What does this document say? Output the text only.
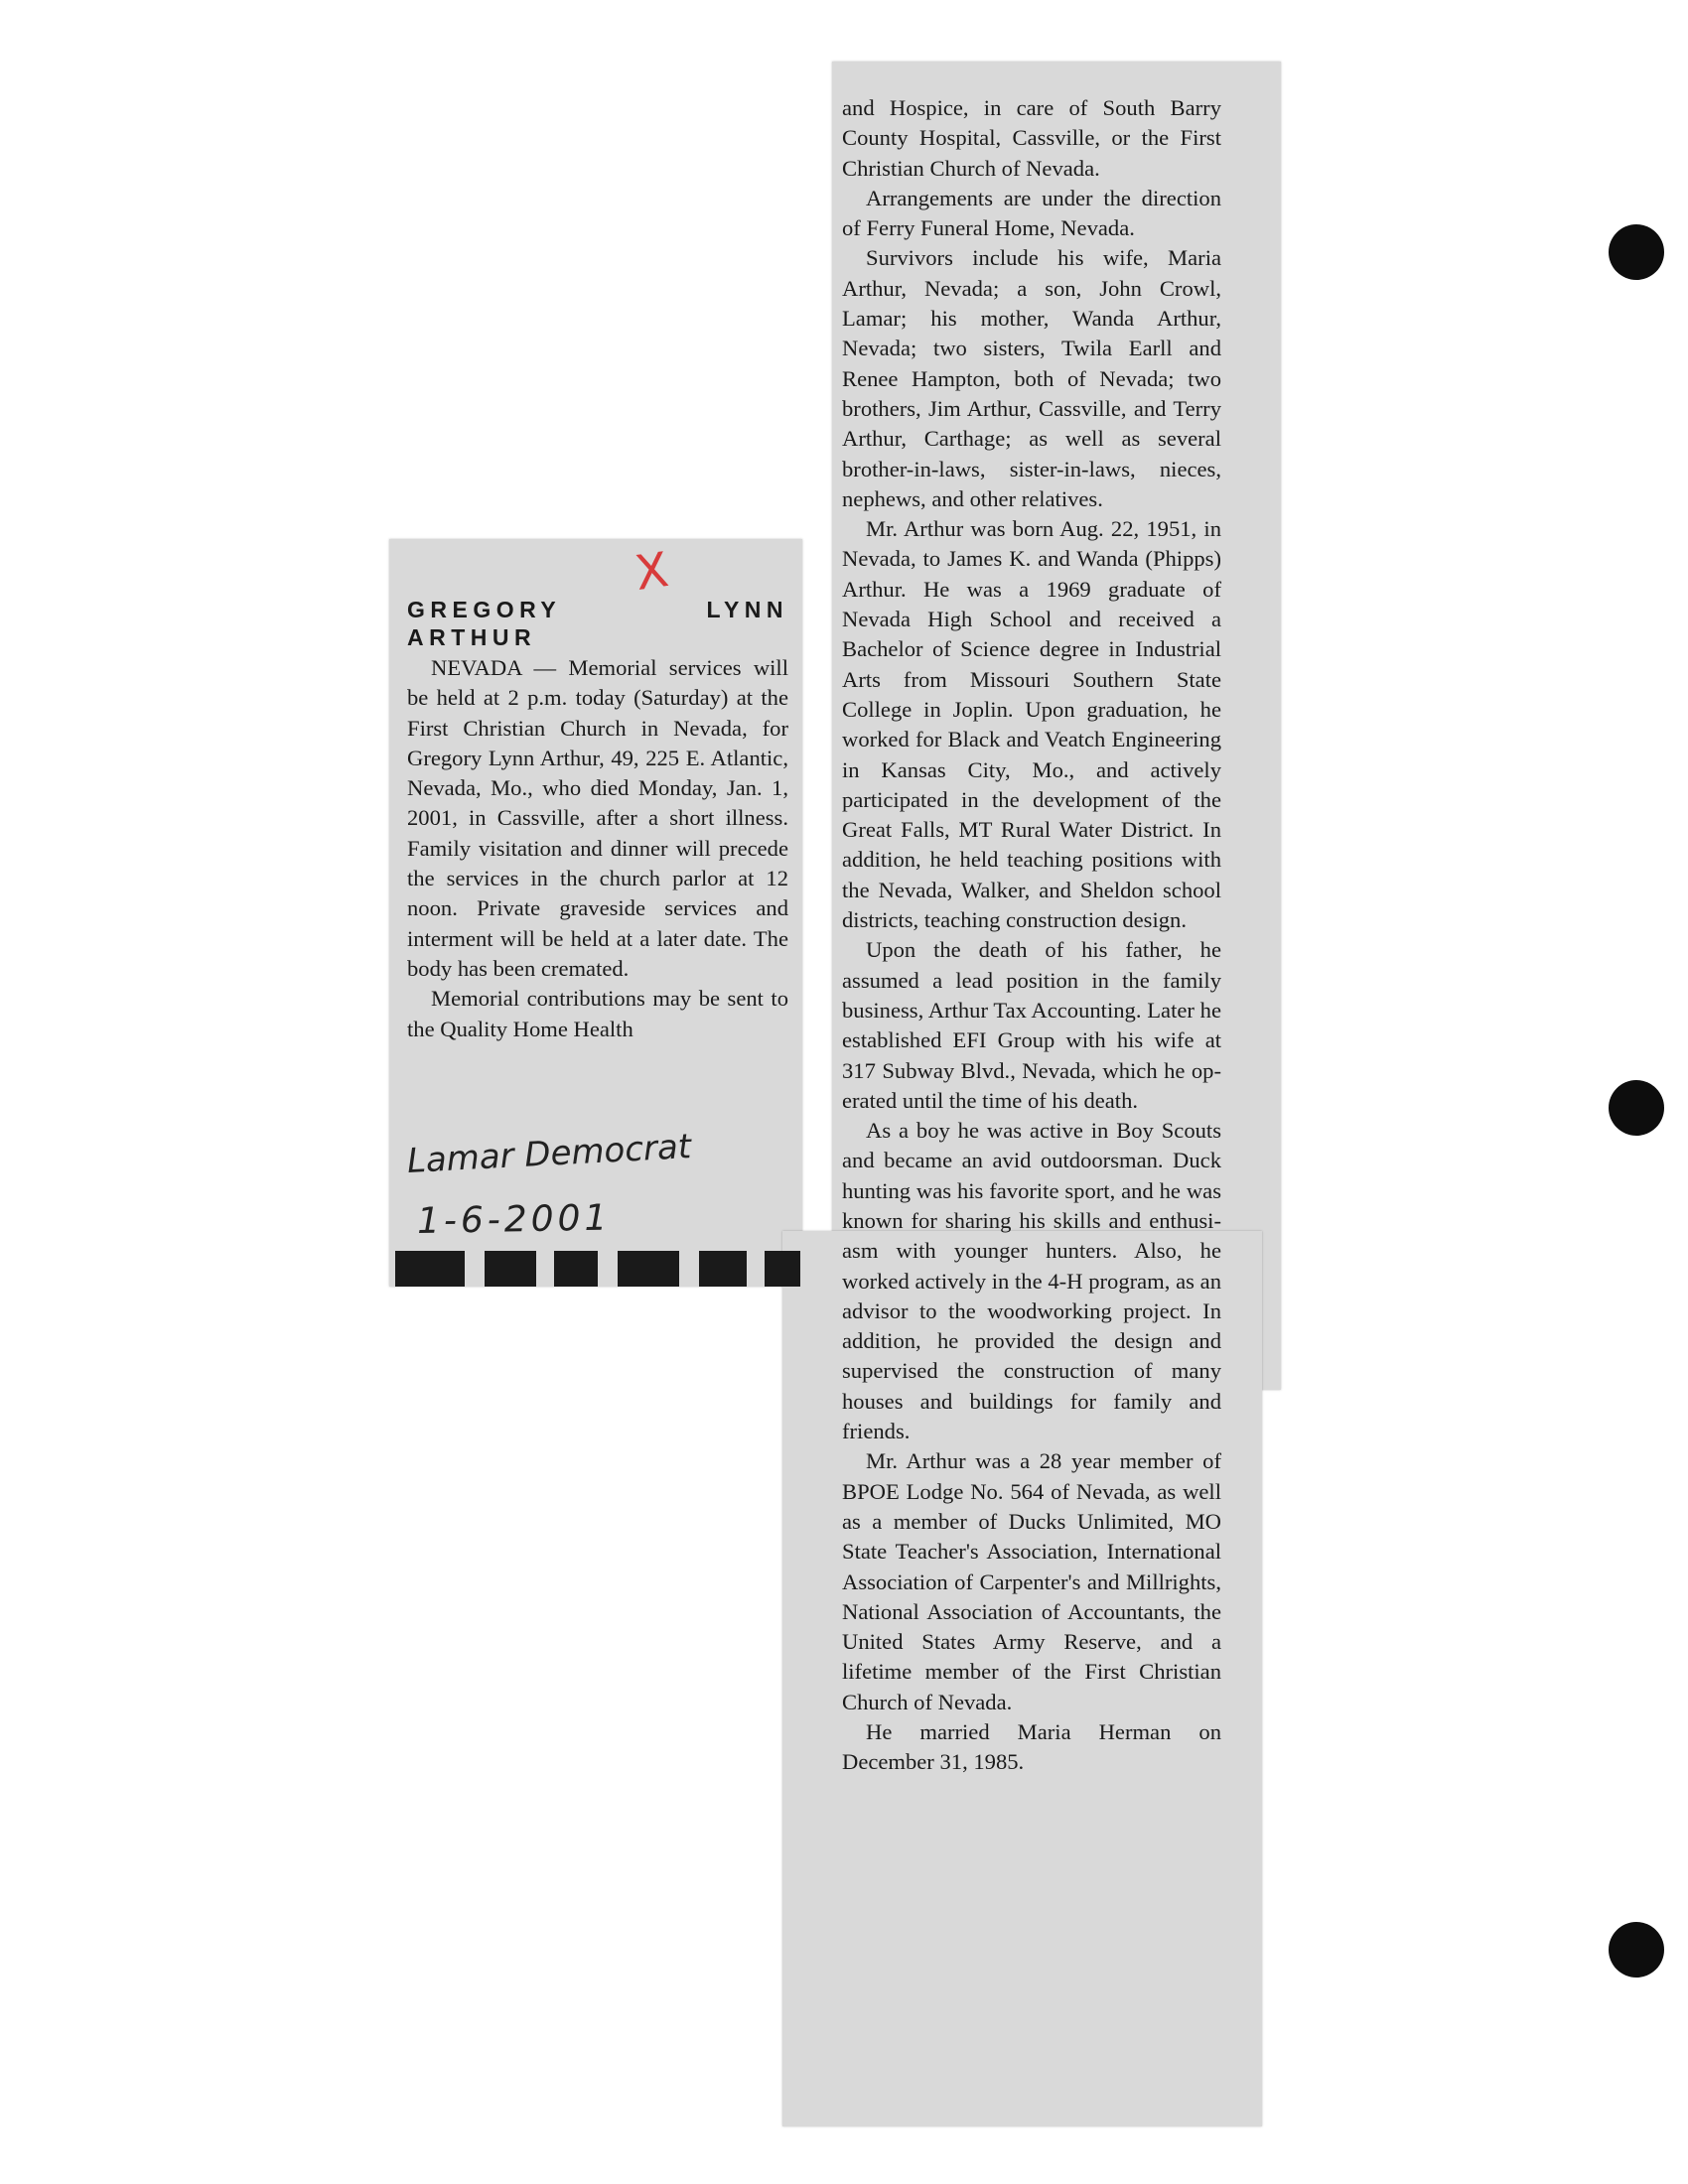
GREGORY	LYNN
ARTHUR

NEVADA — Memorial services will be held at 2 p.m. today (Saturday) at the First Christian Church in Nevada, for Gregory Lynn Arthur, 49, 225 E. Atlantic, Nevada, Mo., who died Monday, Jan. 1, 2001, in Cassville, after a short illness. Family visitation and dinner will precede the services in the church parlor at 12 noon. Private graveside services and interment will be held at a later date. The body has been cremated.

Memorial contributions may be sent to the Quality Home Health

X
Lamar Democrat
1-6-2001

and Hospice, in care of South Barry County Hospital, Cassville, or the First Christian Church of Nevada.

Arrangements are under the direction of Ferry Funeral Home, Nevada.

Survivors include his wife, Maria Arthur, Nevada; a son, John Crowl, Lamar; his mother, Wanda Arthur, Nevada; two sisters, Twila Earll and Renee Hampton, both of Nevada; two brothers, Jim Arthur, Cassville, and Terry Arthur, Carthage; as well as several brother-in-laws, sister-in-laws, nieces, nephews, and other relatives.

Mr. Arthur was born Aug. 22, 1951, in Nevada, to James K. and Wanda (Phipps) Arthur. He was a 1969 graduate of Nevada High School and received a Bachelor of Science degree in Industrial Arts from Missouri Southern State College in Joplin. Upon graduation, he worked for Black and Veatch Engineering in Kansas City, Mo., and actively participated in the development of the Great Falls, MT Rural Water District. In addition, he held teaching positions with the Nevada, Walker, and Sheldon school districts, teaching construction design.

Upon the death of his father, he assumed a lead position in the family business, Arthur Tax Accounting. Later he established EFI Group with his wife at 317 Subway Blvd., Nevada, which he operated until the time of his death.

As a boy he was active in Boy Scouts and became an avid outdoorsman. Duck hunting was his favorite sport, and he was known for sharing his skills and enthusiasm with younger hunters. Also, he worked actively in the 4-H program, as an advisor to the woodworking project. In addition, he provided the design and supervised the construction of many houses and buildings for family and friends.

Mr. Arthur was a 28 year member of BPOE Lodge No. 564 of Nevada, as well as a member of Ducks Unlimited, MO State Teacher's Association, International Association of Carpenter's and Millrights, National Association of Accountants, the United States Army Reserve, and a lifetime member of the First Christian Church of Nevada.

He married Maria Herman on December 31, 1985.
